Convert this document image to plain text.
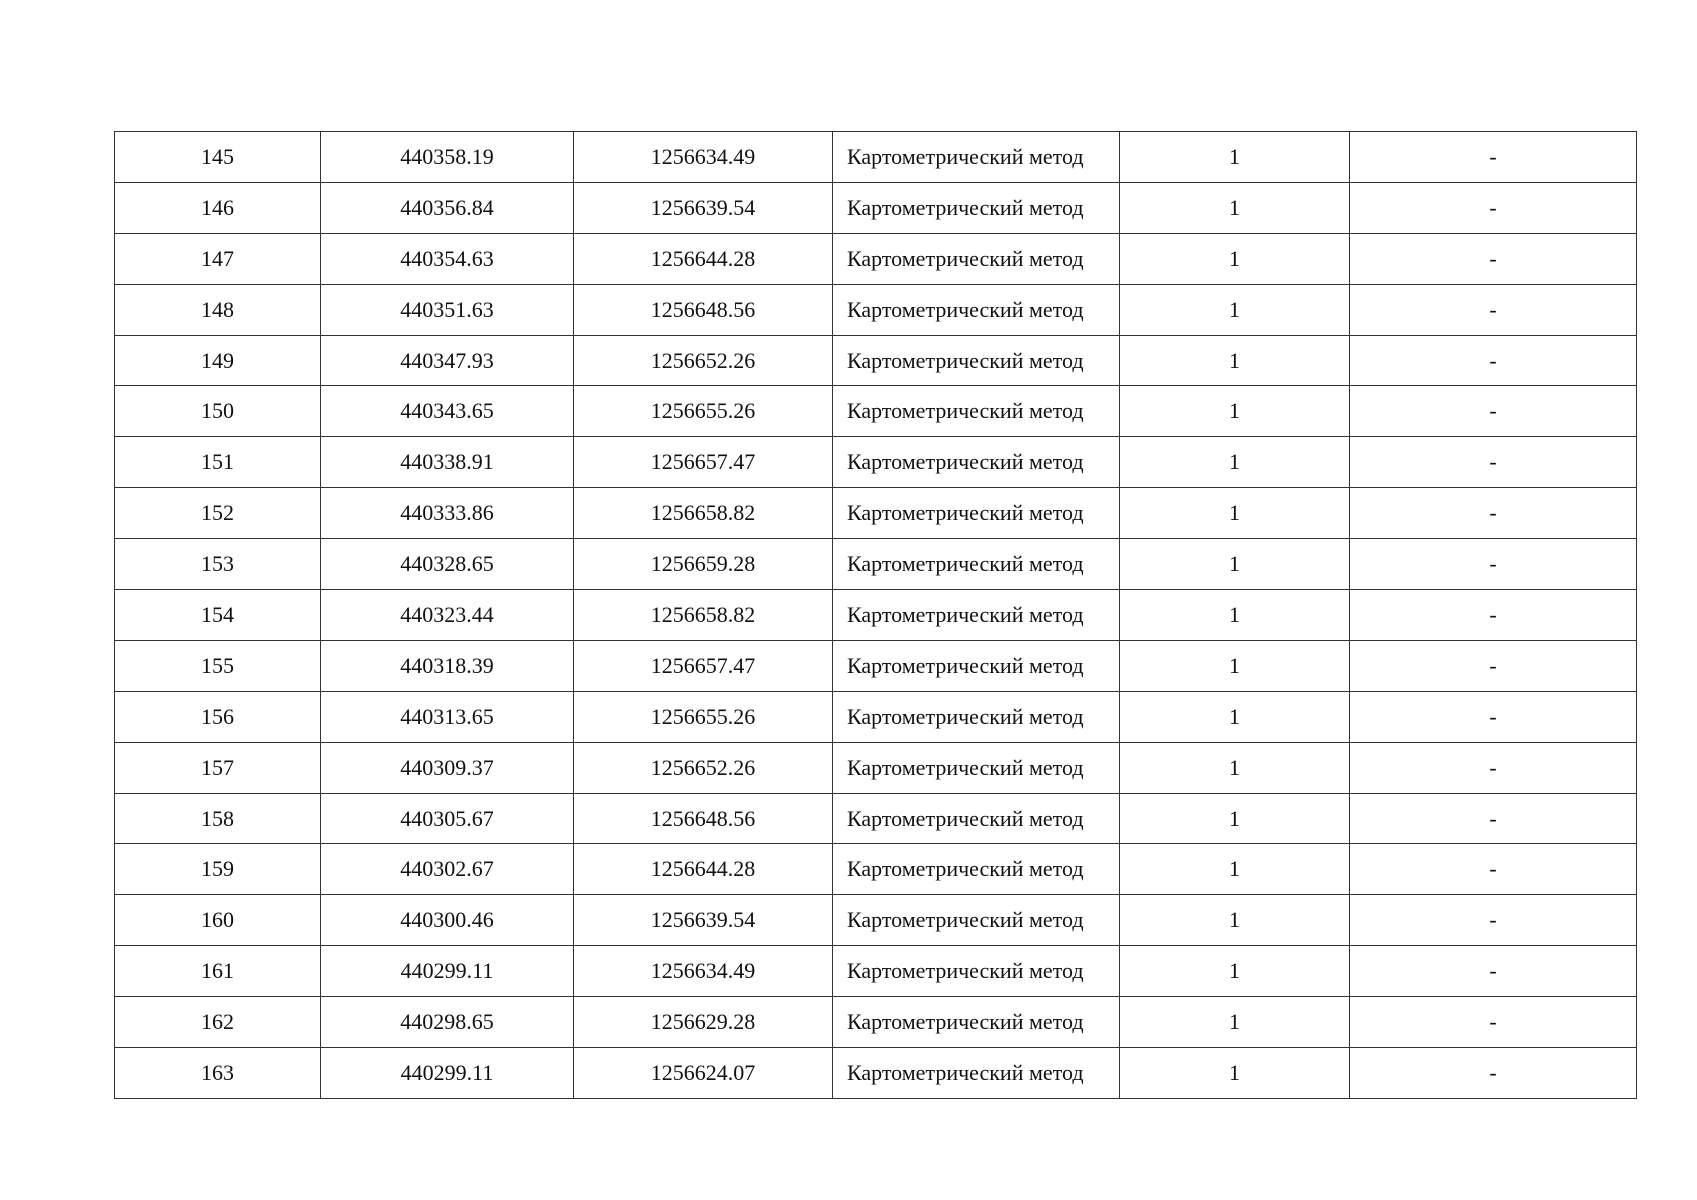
145	440358.19	1256634.49	Картометрический метод	1	-
146	440356.84	1256639.54	Картометрический метод	1	-
147	440354.63	1256644.28	Картометрический метод	1	-
148	440351.63	1256648.56	Картометрический метод	1	-
149	440347.93	1256652.26	Картометрический метод	1	-
150	440343.65	1256655.26	Картометрический метод	1	-
151	440338.91	1256657.47	Картометрический метод	1	-
152	440333.86	1256658.82	Картометрический метод	1	-
153	440328.65	1256659.28	Картометрический метод	1	-
154	440323.44	1256658.82	Картометрический метод	1	-
155	440318.39	1256657.47	Картометрический метод	1	-
156	440313.65	1256655.26	Картометрический метод	1	-
157	440309.37	1256652.26	Картометрический метод	1	-
158	440305.67	1256648.56	Картометрический метод	1	-
159	440302.67	1256644.28	Картометрический метод	1	-
160	440300.46	1256639.54	Картометрический метод	1	-
161	440299.11	1256634.49	Картометрический метод	1	-
162	440298.65	1256629.28	Картометрический метод	1	-
163	440299.11	1256624.07	Картометрический метод	1	-
